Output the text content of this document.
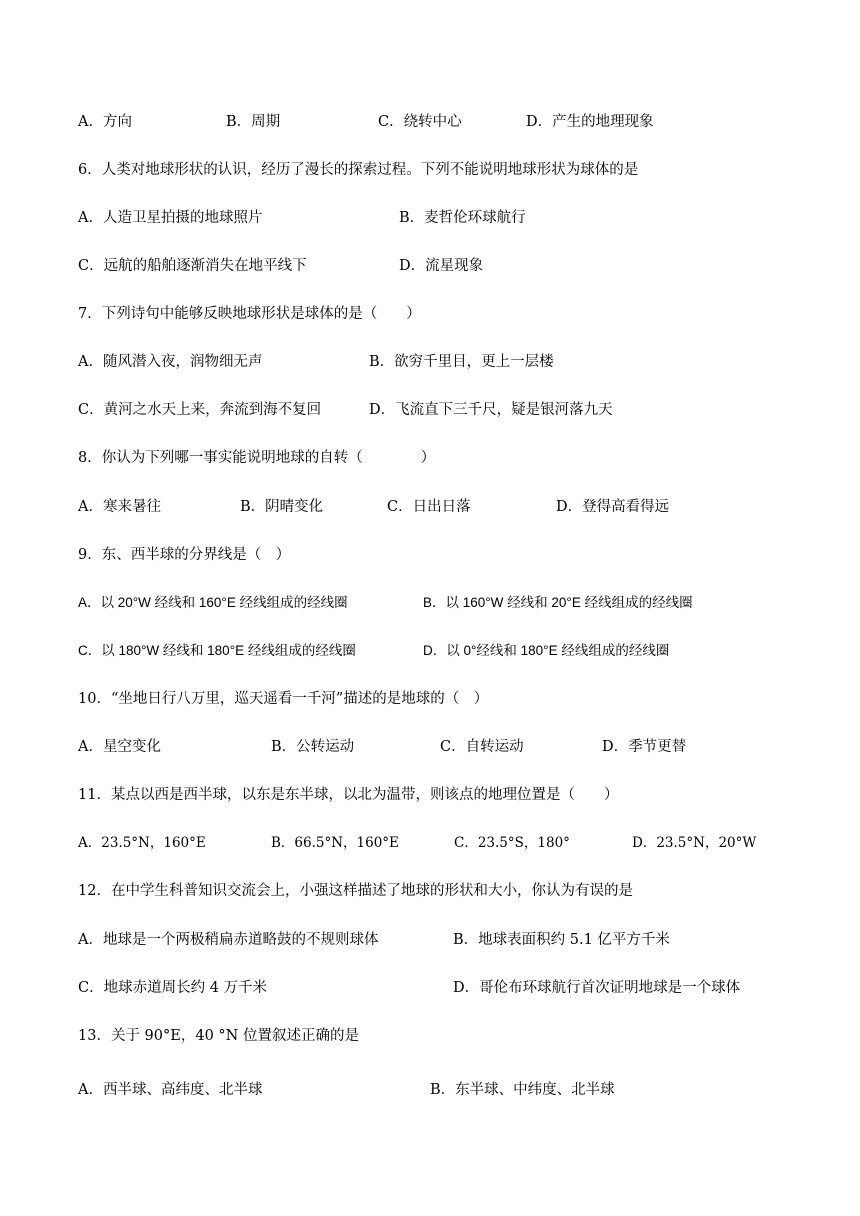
A．方向	B．周期	C．绕转中心	D．产生的地理现象
6．人类对地球形状的认识，经历了漫长的探索过程。下列不能说明地球形状为球体的是
A．人造卫星拍摄的地球照片	B．麦哲伦环球航行
C．远航的船舶逐渐消失在地平线下	D．流星现象
7．下列诗句中能够反映地球形状是球体的是（　　）
A．随风潜入夜，润物细无声	B．欲穷千里目，更上一层楼
C．黄河之水天上来，奔流到海不复回	D．飞流直下三千尺，疑是银河落九天
8．你认为下列哪一事实能说明地球的自转（　　　　）
A．寒来暑往	B．阴晴变化	C．日出日落	D．登得高看得远
9．东、西半球的分界线是（　）
A．以 20°W 经线和 160°E 经线组成的经线圈	B．以 160°W 经线和 20°E 经线组成的经线圈
C．以 180°W 经线和 180°E 经线组成的经线圈	D．以 0°经线和 180°E 经线组成的经线圈
10．“坐地日行八万里，巡天遥看一千河”描述的是地球的（　）
A．星空变化	B．公转运动	C．自转运动	D．季节更替
11．某点以西是西半球，以东是东半球，以北为温带，则该点的地理位置是（　　）
A．23.5°N，160°E	B．66.5°N，160°E	C．23.5°S，180°	D．23.5°N，20°W
12．在中学生科普知识交流会上，小强这样描述了地球的形状和大小，你认为有误的是
A．地球是一个两极稍扁赤道略鼓的不规则球体	B．地球表面积约 5.1 亿平方千米
C．地球赤道周长约 4 万千米	D．哥伦布环球航行首次证明地球是一个球体
13．关于 90°E，40 °N 位置叙述正确的是
A．西半球、高纬度、北半球	B．东半球、中纬度、北半球
